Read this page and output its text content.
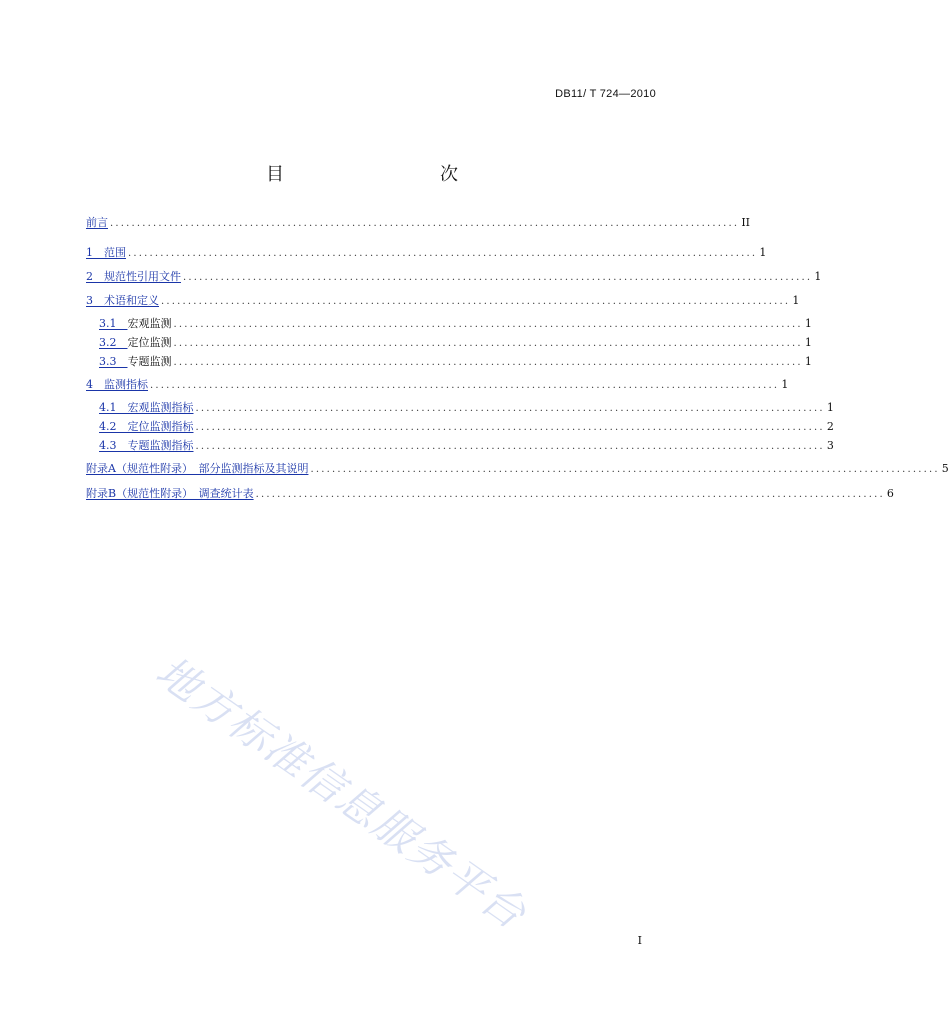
DB11/ T 724—2010
目　　次
前言 ..................................................................................................................... II
1　范围 ..................................................................................................................... 1
2　规范性引用文件 ..................................................................................................................... 1
3　术语和定义 ..................................................................................................................... 1
3.1　 宏观监测 ..................................................................................................................... 1
3.2　 定位监测 ..................................................................................................................... 1
3.3　 专题监测 ..................................................................................................................... 1
4　监测指标 ..................................................................................................................... 1
4.1　宏观监测指标 ..................................................................................................................... 1
4.2　定位监测指标 ..................................................................................................................... 2
4.3　专题监测指标 ..................................................................................................................... 3
附录A（规范性附录）　部分监测指标及其说明 ..................................................................................................................... 5
附录B（规范性附录）　调查统计表 ..................................................................................................................... 6
地方标准信息服务平台
I
